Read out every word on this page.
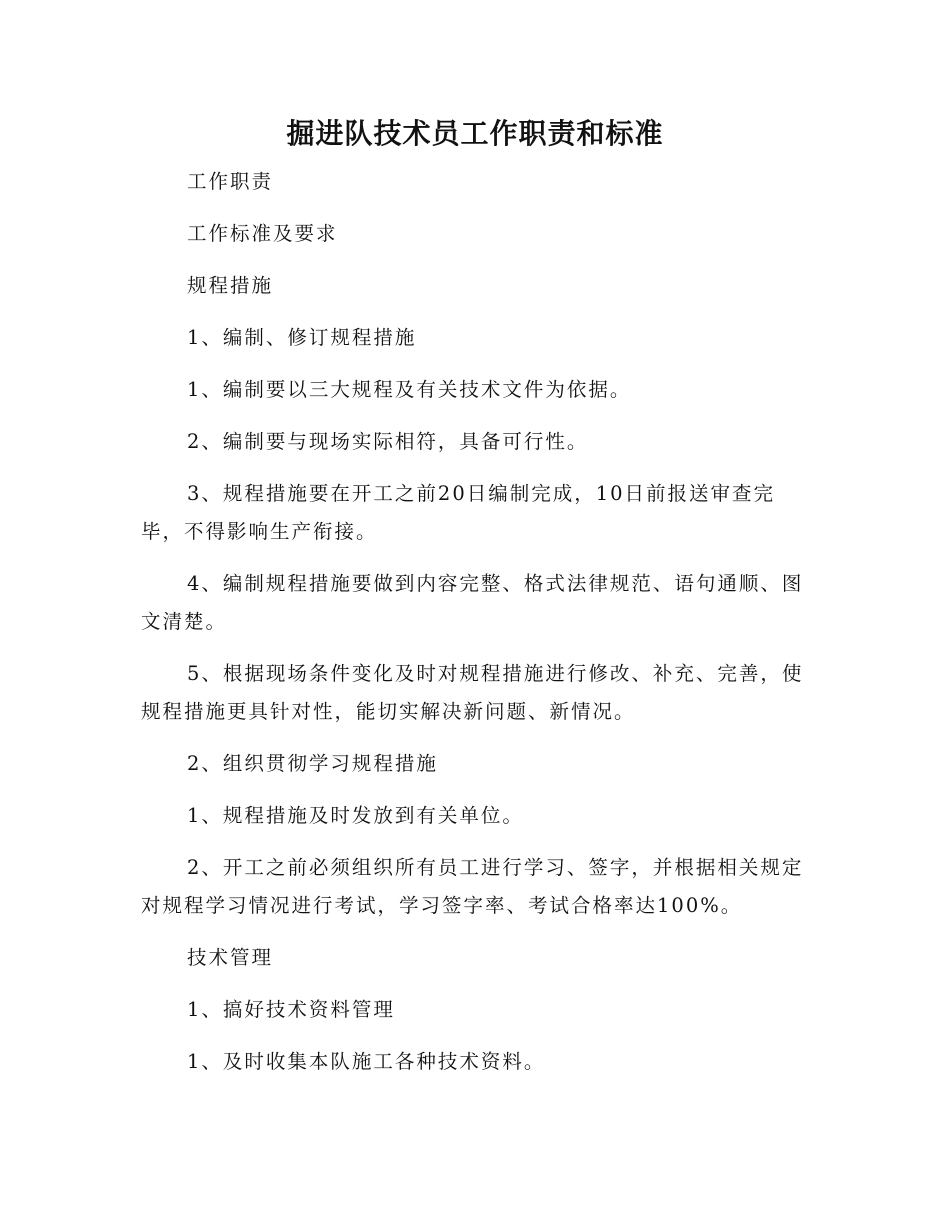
掘进队技术员工作职责和标准

工作职责

工作标准及要求

规程措施

1、编制、修订规程措施

1、编制要以三大规程及有关技术文件为依据。

2、编制要与现场实际相符，具备可行性。

3、规程措施要在开工之前20日编制完成，10日前报送审查完毕，不得影响生产衔接。

4、编制规程措施要做到内容完整、格式法律规范、语句通顺、图文清楚。

5、根据现场条件变化及时对规程措施进行修改、补充、完善，使规程措施更具针对性，能切实解决新问题、新情况。

2、组织贯彻学习规程措施

1、规程措施及时发放到有关单位。

2、开工之前必须组织所有员工进行学习、签字，并根据相关规定对规程学习情况进行考试，学习签字率、考试合格率达100%。

技术管理

1、搞好技术资料管理

1、及时收集本队施工各种技术资料。
